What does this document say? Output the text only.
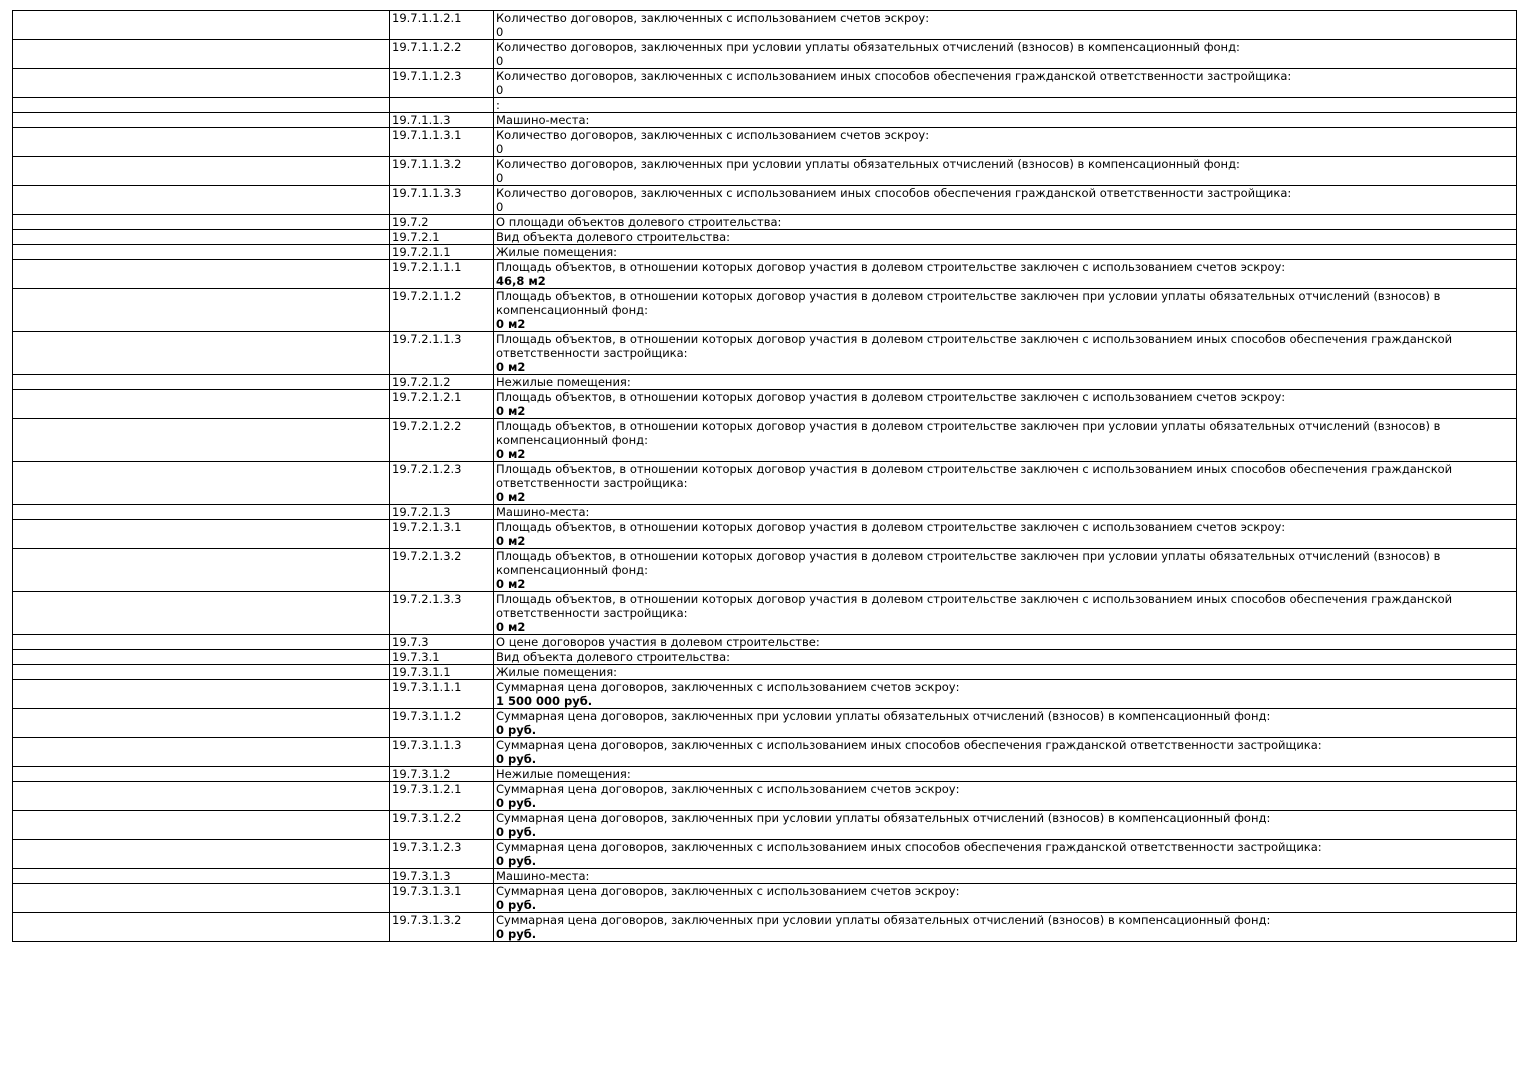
	19.7.1.1.2.1	Количество договоров, заключенных с использованием счетов эскроу:
0

	19.7.1.1.2.2	Количество договоров, заключенных при условии уплаты обязательных отчислений (взносов) в компенсационный фонд:
0

	19.7.1.1.2.3	Количество договоров, заключенных с использованием иных способов обеспечения гражданской ответственности застройщика:
0

		:

	19.7.1.1.3	Машино-места:

	19.7.1.1.3.1	Количество договоров, заключенных с использованием счетов эскроу:
0

	19.7.1.1.3.2	Количество договоров, заключенных при условии уплаты обязательных отчислений (взносов) в компенсационный фонд:
0

	19.7.1.1.3.3	Количество договоров, заключенных с использованием иных способов обеспечения гражданской ответственности застройщика:
0

	19.7.2	О площади объектов долевого строительства:

	19.7.2.1	Вид объекта долевого строительства:

	19.7.2.1.1	Жилые помещения:

	19.7.2.1.1.1	Площадь объектов, в отношении которых договор участия в долевом строительстве заключен с использованием счетов эскроу:
46,8 м2

	19.7.2.1.1.2	Площадь объектов, в отношении которых договор участия в долевом строительстве заключен при условии уплаты обязательных отчислений (взносов) в компенсационный фонд:
0 м2

	19.7.2.1.1.3	Площадь объектов, в отношении которых договор участия в долевом строительстве заключен с использованием иных способов обеспечения гражданской ответственности застройщика:
0 м2

	19.7.2.1.2	Нежилые помещения:

	19.7.2.1.2.1	Площадь объектов, в отношении которых договор участия в долевом строительстве заключен с использованием счетов эскроу:
0 м2

	19.7.2.1.2.2	Площадь объектов, в отношении которых договор участия в долевом строительстве заключен при условии уплаты обязательных отчислений (взносов) в компенсационный фонд:
0 м2

	19.7.2.1.2.3	Площадь объектов, в отношении которых договор участия в долевом строительстве заключен с использованием иных способов обеспечения гражданской ответственности застройщика:
0 м2

	19.7.2.1.3	Машино-места:

	19.7.2.1.3.1	Площадь объектов, в отношении которых договор участия в долевом строительстве заключен с использованием счетов эскроу:
0 м2

	19.7.2.1.3.2	Площадь объектов, в отношении которых договор участия в долевом строительстве заключен при условии уплаты обязательных отчислений (взносов) в компенсационный фонд:
0 м2

	19.7.2.1.3.3	Площадь объектов, в отношении которых договор участия в долевом строительстве заключен с использованием иных способов обеспечения гражданской ответственности застройщика:
0 м2

	19.7.3	О цене договоров участия в долевом строительстве:

	19.7.3.1	Вид объекта долевого строительства:

	19.7.3.1.1	Жилые помещения:

	19.7.3.1.1.1	Суммарная цена договоров, заключенных с использованием счетов эскроу:
1 500 000 руб.

	19.7.3.1.1.2	Суммарная цена договоров, заключенных при условии уплаты обязательных отчислений (взносов) в компенсационный фонд:
0 руб.

	19.7.3.1.1.3	Суммарная цена договоров, заключенных с использованием иных способов обеспечения гражданской ответственности застройщика:
0 руб.

	19.7.3.1.2	Нежилые помещения:

	19.7.3.1.2.1	Суммарная цена договоров, заключенных с использованием счетов эскроу:
0 руб.

	19.7.3.1.2.2	Суммарная цена договоров, заключенных при условии уплаты обязательных отчислений (взносов) в компенсационный фонд:
0 руб.

	19.7.3.1.2.3	Суммарная цена договоров, заключенных с использованием иных способов обеспечения гражданской ответственности застройщика:
0 руб.

	19.7.3.1.3	Машино-места:

	19.7.3.1.3.1	Суммарная цена договоров, заключенных с использованием счетов эскроу:
0 руб.

	19.7.3.1.3.2	Суммарная цена договоров, заключенных при условии уплаты обязательных отчислений (взносов) в компенсационный фонд:
0 руб.
